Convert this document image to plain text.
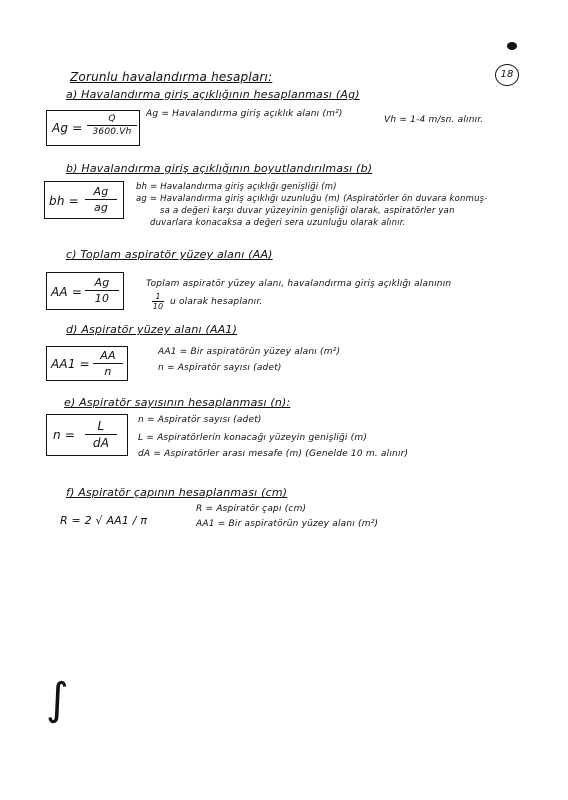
18
Zorunlu havalandırma hesapları:
a) Havalandırma giriş açıklığının hesaplanması (Ag)
Ag =
Q
3600.Vh
Ag = Havalandırma giriş açıklık alanı (m²)
Vh = 1-4 m/sn. alınır.
b) Havalandırma giriş açıklığının boyutlandırılması (b)
bh =
Ag
ag
bh = Havalandırma giriş açıklığı genişliği (m)
ag = Havalandırma giriş açıklığı uzunluğu (m) (Aspiratörler ön duvara konmuş-
sa a değeri karşı duvar yüzeyinin genişliği olarak, aspiratörler yan
duvarlara konacaksa a değeri sera uzunluğu olarak alınır.
c) Toplam aspiratör yüzey alanı (AA)
AA =
Ag
10
Toplam aspiratör yüzey alanı, havalandırma giriş açıklığı alanının
$\frac{1}{10}$ u olarak hesaplanır.
d) Aspiratör yüzey alanı (AA1)
AA1 =
AA
n
AA1 = Bir aspiratörün yüzey alanı (m²)
n = Aspiratör sayısı (adet)
e) Aspiratör sayısının hesaplanması (n):
n =
L
dA
n = Aspiratör sayısı (adet)
L = Aspiratörlerin konacağı yüzeyin genişliği (m)
dA = Aspiratörler arası mesafe (m) (Genelde 10 m. alınır)
f) Aspiratör çapının hesaplanması (cm)
R = 2 √ AA1 / π
R = Aspiratör çapı (cm)
AA1 = Bir aspiratörün yüzey alanı (m²)
∫
